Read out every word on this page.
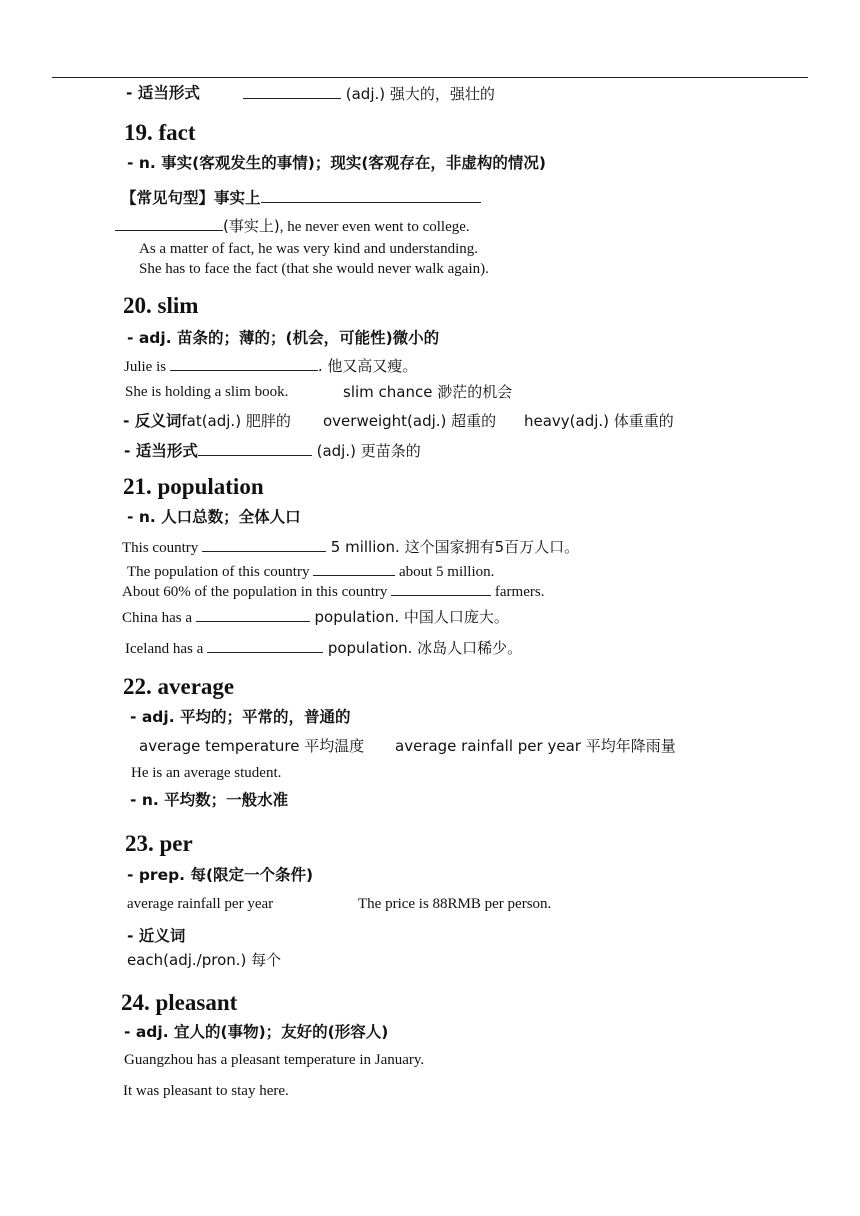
- 适当形式	(adj.) 强大的，强壮的
19. fact
- n. 事实(客观发生的事情)；现实(客观存在，非虚构的情况)
【常见句型】事实上
(事实上), he never even went to college.
As a matter of fact, he was very kind and understanding.
She has to face the fact (that she would never walk again).
20. slim
- adj. 苗条的；薄的；(机会，可能性)微小的
Julie is	. 他又高又瘦。
She is holding a slim book.	slim chance 渺茫的机会
- 反义词fat(adj.) 肥胖的 overweight(adj.) 超重的 heavy(adj.) 体重重的
- 适当形式	(adj.) 更苗条的
21. population
- n. 人口总数；全体人口
This country	5 million. 这个国家拥有5百万人口。
The population of this country	about 5 million.
About 60% of the population in this country	farmers.
China has a	population. 中国人口庞大。
Iceland has a	population. 冰岛人口稀少。
22. average
- adj. 平均的；平常的，普通的
average temperature 平均温度 average rainfall per year 平均年降雨量
He is an average student.
- n. 平均数；一般水准
23. per
- prep. 每(限定一个条件)
average rainfall per year	The price is 88RMB per person.
- 近义词
each(adj./pron.) 每个
24. pleasant
- adj. 宜人的(事物)；友好的(形容人)
Guangzhou has a pleasant temperature in January.
It was pleasant to stay here.
